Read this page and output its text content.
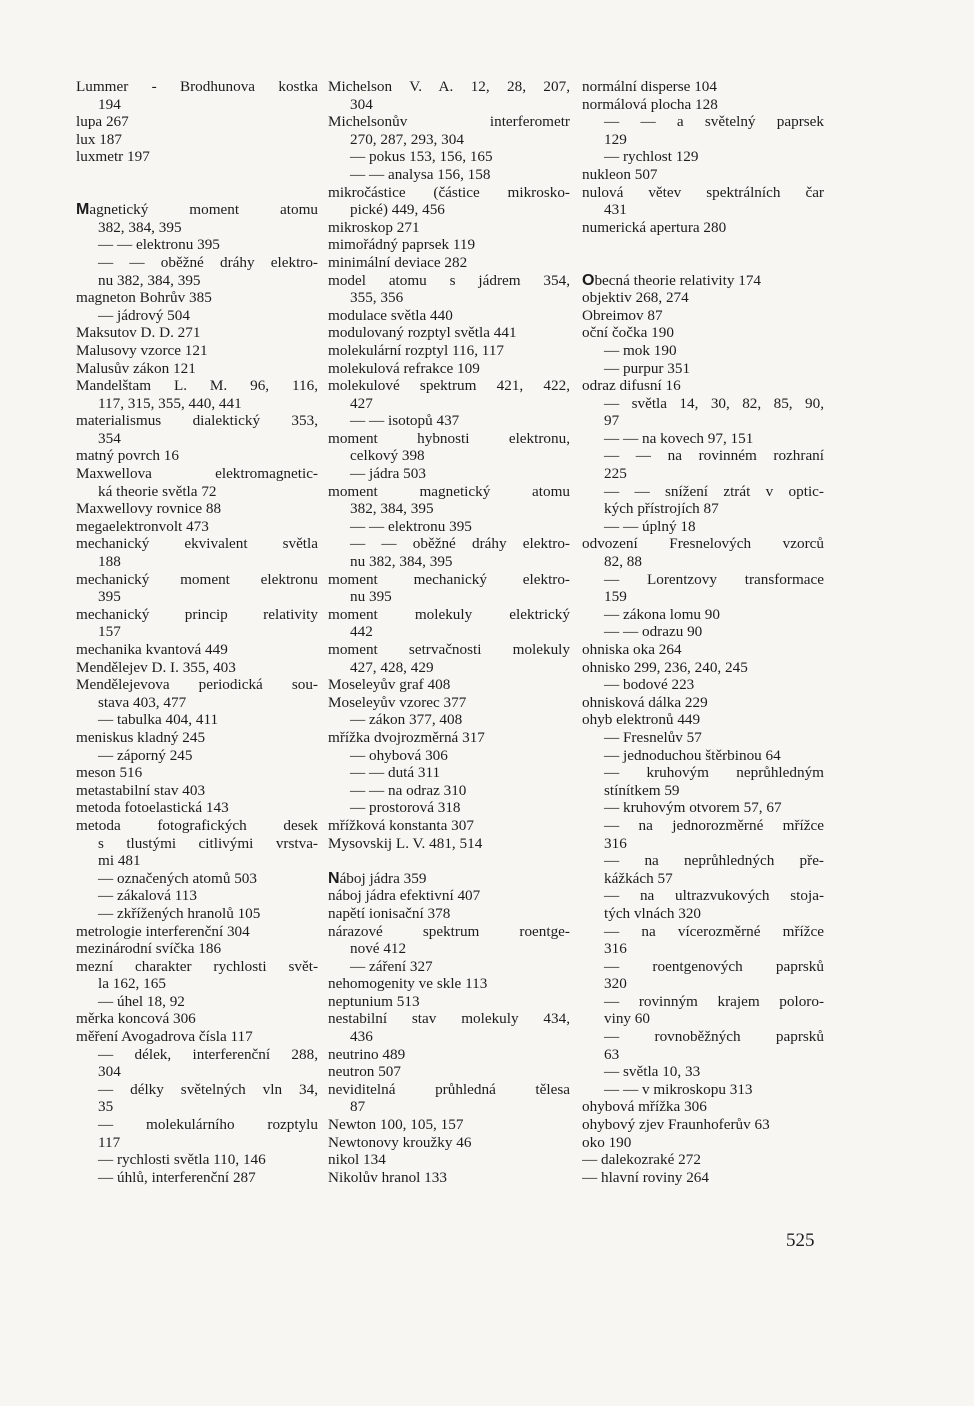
Lummer - Brodhunova kostka
194
lupa 267
lux 187
luxmetr 197
Magnetický moment atomu
382, 384, 395
— — elektronu 395
— — oběžné dráhy elektro-
nu 382, 384, 395
magneton Bohrův 385
— jádrový 504
Maksutov D. D. 271
Malusovy vzorce 121
Malusův zákon 121
Mandelštam L. M. 96, 116,
117, 315, 355, 440, 441
materialismus dialektický 353,
354
matný povrch 16
Maxwellova elektromagnetic-
ká theorie světla 72
Maxwellovy rovnice 88
megaelektronvolt 473
mechanický ekvivalent světla
188
mechanický moment elektronu
395
mechanický princip relativity
157
mechanika kvantová 449
Mendělejev D. I. 355, 403
Mendělejevova periodická sou-
stava 403, 477
— tabulka 404, 411
meniskus kladný 245
— záporný 245
meson 516
metastabilní stav 403
metoda fotoelastická 143
metoda fotografických desek
s tlustými citlivými vrstva-
mi 481
— označených atomů 503
— zákalová 113
— zkřížených hranolů 105
metrologie interferenční 304
mezinárodní svíčka 186
mezní charakter rychlosti svět-
la 162, 165
— úhel 18, 92
měrka koncová 306
měření Avogadrova čísla 117
— délek, interferenční 288,
304
— délky světelných vln 34,
35
— molekulárního rozptylu
117
— rychlosti světla 110, 146
— úhlů, interferenční 287
Michelson V. A. 12, 28, 207,
304
Michelsonův interferometr
270, 287, 293, 304
— pokus 153, 156, 165
— — analysa 156, 158
mikročástice (částice mikrosko-
pické) 449, 456
mikroskop 271
mimořádný paprsek 119
minimální deviace 282
model atomu s jádrem 354,
355, 356
modulace světla 440
modulovaný rozptyl světla 441
molekulární rozptyl 116, 117
molekulová refrakce 109
molekulové spektrum 421, 422,
427
— — isotopů 437
moment hybnosti elektronu,
celkový 398
— jádra 503
moment magnetický atomu
382, 384, 395
— — elektronu 395
— — oběžné dráhy elektro-
nu 382, 384, 395
moment mechanický elektro-
nu 395
moment molekuly elektrický
442
moment setrvačnosti molekuly
427, 428, 429
Moseleyův graf 408
Moseleyův vzorec 377
— zákon 377, 408
mřížka dvojrozměrná 317
— ohybová 306
— — dutá 311
— — na odraz 310
— prostorová 318
mřížková konstanta 307
Mysovskij L. V. 481, 514
Náboj jádra 359
náboj jádra efektivní 407
napětí ionisační 378
nárazové spektrum roentge-
nové 412
— záření 327
nehomogenity ve skle 113
neptunium 513
nestabilní stav molekuly 434,
436
neutrino 489
neutron 507
neviditelná průhledná tělesa
87
Newton 100, 105, 157
Newtonovy kroužky 46
nikol 134
Nikolův hranol 133
normální disperse 104
normálová plocha 128
— — a světelný paprsek
129
— rychlost 129
nukleon 507
nulová větev spektrálních čar
431
numerická apertura 280
Obecná theorie relativity 174
objektiv 268, 274
Obreimov 87
oční čočka 190
— mok 190
— purpur 351
odraz difusní 16
— světla 14, 30, 82, 85, 90,
97
— — na kovech 97, 151
— — na rovinném rozhraní
225
— — snížení ztrát v optic-
kých přístrojích 87
— — úplný 18
odvození Fresnelových vzorců
82, 88
— Lorentzovy transformace
159
— zákona lomu 90
— — odrazu 90
ohniska oka 264
ohnisko 299, 236, 240, 245
— bodové 223
ohnisková dálka 229
ohyb elektronů 449
— Fresnelův 57
— jednoduchou štěrbinou 64
— kruhovým neprůhledným
stínítkem 59
— kruhovým otvorem 57, 67
— na jednorozměrné mřížce
316
— na neprůhledných pře-
kážkách 57
— na ultrazvukových stoja-
tých vlnách 320
— na vícerozměrné mřížce
316
— roentgenových paprsků
320
— rovinným krajem poloro-
viny 60
— rovnoběžných paprsků
63
— světla 10, 33
— — v mikroskopu 313
ohybová mřížka 306
ohybový zjev Fraunhoferův 63
oko 190
— dalekozraké 272
— hlavní roviny 264
525
